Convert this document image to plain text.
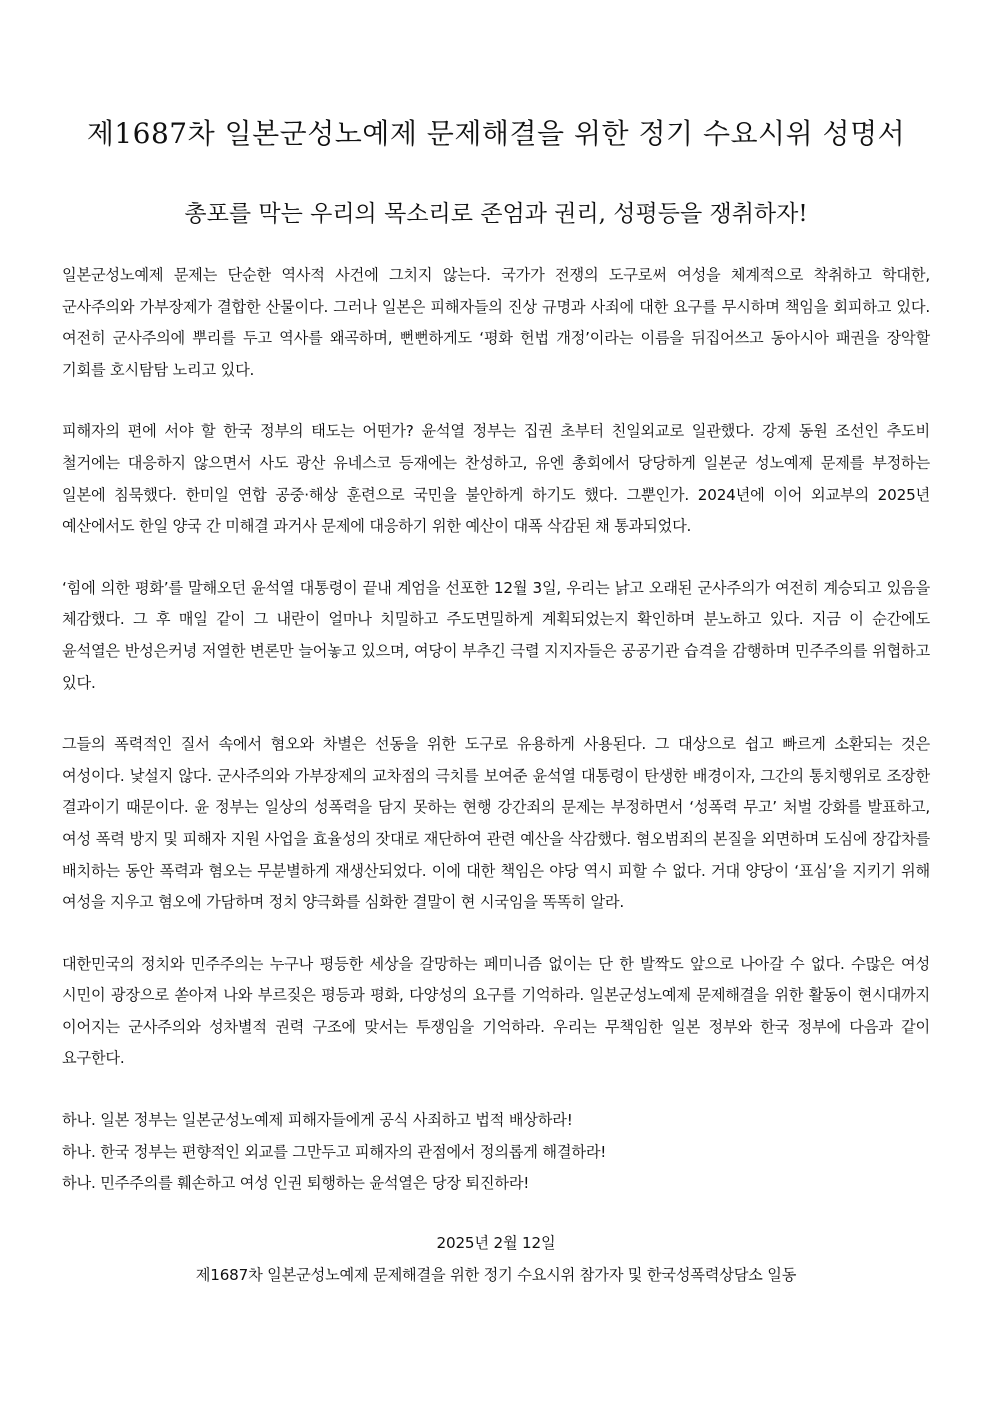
제1687차 일본군성노예제 문제해결을 위한 정기 수요시위 성명서
총포를 막는 우리의 목소리로 존엄과 권리, 성평등을 쟁취하자!

일본군성노예제 문제는 단순한 역사적 사건에 그치지 않는다. 국가가 전쟁의 도구로써 여성을 체계적으로 착취하고 학대한, 군사주의와 가부장제가 결합한 산물이다. 그러나 일본은 피해자들의 진상 규명과 사죄에 대한 요구를 무시하며 책임을 회피하고 있다. 여전히 군사주의에 뿌리를 두고 역사를 왜곡하며, 뻔뻔하게도 ‘평화 헌법 개정’이라는 이름을 뒤집어쓰고 동아시아 패권을 장악할 기회를 호시탐탐 노리고 있다.

피해자의 편에 서야 할 한국 정부의 태도는 어떤가? 윤석열 정부는 집권 초부터 친일외교로 일관했다. 강제 동원 조선인 추도비 철거에는 대응하지 않으면서 사도 광산 유네스코 등재에는 찬성하고, 유엔 총회에서 당당하게 일본군 성노예제 문제를 부정하는 일본에 침묵했다. 한미일 연합 공중·해상 훈련으로 국민을 불안하게 하기도 했다. 그뿐인가. 2024년에 이어 외교부의 2025년 예산에서도 한일 양국 간 미해결 과거사 문제에 대응하기 위한 예산이 대폭 삭감된 채 통과되었다.

‘힘에 의한 평화’를 말해오던 윤석열 대통령이 끝내 계엄을 선포한 12월 3일, 우리는 낡고 오래된 군사주의가 여전히 계승되고 있음을 체감했다. 그 후 매일 같이 그 내란이 얼마나 치밀하고 주도면밀하게 계획되었는지 확인하며 분노하고 있다. 지금 이 순간에도 윤석열은 반성은커녕 저열한 변론만 늘어놓고 있으며, 여당이 부추긴 극렬 지지자들은 공공기관 습격을 감행하며 민주주의를 위협하고 있다.

그들의 폭력적인 질서 속에서 혐오와 차별은 선동을 위한 도구로 유용하게 사용된다. 그 대상으로 쉽고 빠르게 소환되는 것은 여성이다. 낯설지 않다. 군사주의와 가부장제의 교차점의 극치를 보여준 윤석열 대통령이 탄생한 배경이자, 그간의 통치행위로 조장한 결과이기 때문이다. 윤 정부는 일상의 성폭력을 담지 못하는 현행 강간죄의 문제는 부정하면서 ‘성폭력 무고’ 처벌 강화를 발표하고, 여성 폭력 방지 및 피해자 지원 사업을 효율성의 잣대로 재단하여 관련 예산을 삭감했다. 혐오범죄의 본질을 외면하며 도심에 장갑차를 배치하는 동안 폭력과 혐오는 무분별하게 재생산되었다. 이에 대한 책임은 야당 역시 피할 수 없다. 거대 양당이 ‘표심’을 지키기 위해 여성을 지우고 혐오에 가담하며 정치 양극화를 심화한 결말이 현 시국임을 똑똑히 알라.

대한민국의 정치와 민주주의는 누구나 평등한 세상을 갈망하는 페미니즘 없이는 단 한 발짝도 앞으로 나아갈 수 없다. 수많은 여성 시민이 광장으로 쏟아져 나와 부르짖은 평등과 평화, 다양성의 요구를 기억하라. 일본군성노예제 문제해결을 위한 활동이 현시대까지 이어지는 군사주의와 성차별적 권력 구조에 맞서는 투쟁임을 기억하라. 우리는 무책임한 일본 정부와 한국 정부에 다음과 같이 요구한다.

하나. 일본 정부는 일본군성노예제 피해자들에게 공식 사죄하고 법적 배상하라!
하나. 한국 정부는 편향적인 외교를 그만두고 피해자의 관점에서 정의롭게 해결하라!
하나. 민주주의를 훼손하고 여성 인권 퇴행하는 윤석열은 당장 퇴진하라!
2025년 2월 12일
제1687차 일본군성노예제 문제해결을 위한 정기 수요시위 참가자 및 한국성폭력상담소 일동
